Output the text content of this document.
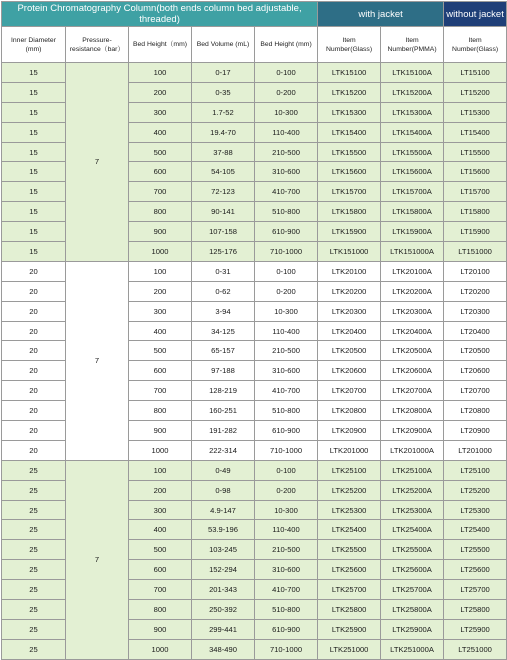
Protein Chromatography Column(both ends column bed adjustable, threaded)					with jacket		without jacket
Inner Diameter (mm)	Pressure-resistance（bar）	Bed Height（mm)	Bed Volume (mL)	Bed Height (mm)	Item Number(Glass)	Item Number(PMMA)	Item Number(Glass)
15	7	100	0-17	0-100	LTK15100	LTK15100A	LT15100
15		200	0-35	0-200	LTK15200	LTK15200A	LT15200
15		300	1.7-52	10-300	LTK15300	LTK15300A	LT15300
15		400	19.4-70	110-400	LTK15400	LTK15400A	LT15400
15		500	37-88	210-500	LTK15500	LTK15500A	LT15500
15		600	54-105	310-600	LTK15600	LTK15600A	LT15600
15		700	72-123	410-700	LTK15700	LTK15700A	LT15700
15		800	90-141	510-800	LTK15800	LTK15800A	LT15800
15		900	107-158	610-900	LTK15900	LTK15900A	LT15900
15		1000	125-176	710-1000	LTK151000	LTK151000A	LT151000
20	7	100	0-31	0-100	LTK20100	LTK20100A	LT20100
20		200	0-62	0-200	LTK20200	LTK20200A	LT20200
20		300	3-94	10-300	LTK20300	LTK20300A	LT20300
20		400	34-125	110-400	LTK20400	LTK20400A	LT20400
20		500	65-157	210-500	LTK20500	LTK20500A	LT20500
20		600	97-188	310-600	LTK20600	LTK20600A	LT20600
20		700	128-219	410-700	LTK20700	LTK20700A	LT20700
20		800	160-251	510-800	LTK20800	LTK20800A	LT20800
20		900	191-282	610-900	LTK20900	LTK20900A	LT20900
20		1000	222-314	710-1000	LTK201000	LTK201000A	LT201000
25	7	100	0-49	0-100	LTK25100	LTK25100A	LT25100
25		200	0-98	0-200	LTK25200	LTK25200A	LT25200
25		300	4.9-147	10-300	LTK25300	LTK25300A	LT25300
25		400	53.9-196	110-400	LTK25400	LTK25400A	LT25400
25		500	103-245	210-500	LTK25500	LTK25500A	LT25500
25		600	152-294	310-600	LTK25600	LTK25600A	LT25600
25		700	201-343	410-700	LTK25700	LTK25700A	LT25700
25		800	250-392	510-800	LTK25800	LTK25800A	LT25800
25		900	299-441	610-900	LTK25900	LTK25900A	LT25900
25		1000	348-490	710-1000	LTK251000	LTK251000A	LT251000
